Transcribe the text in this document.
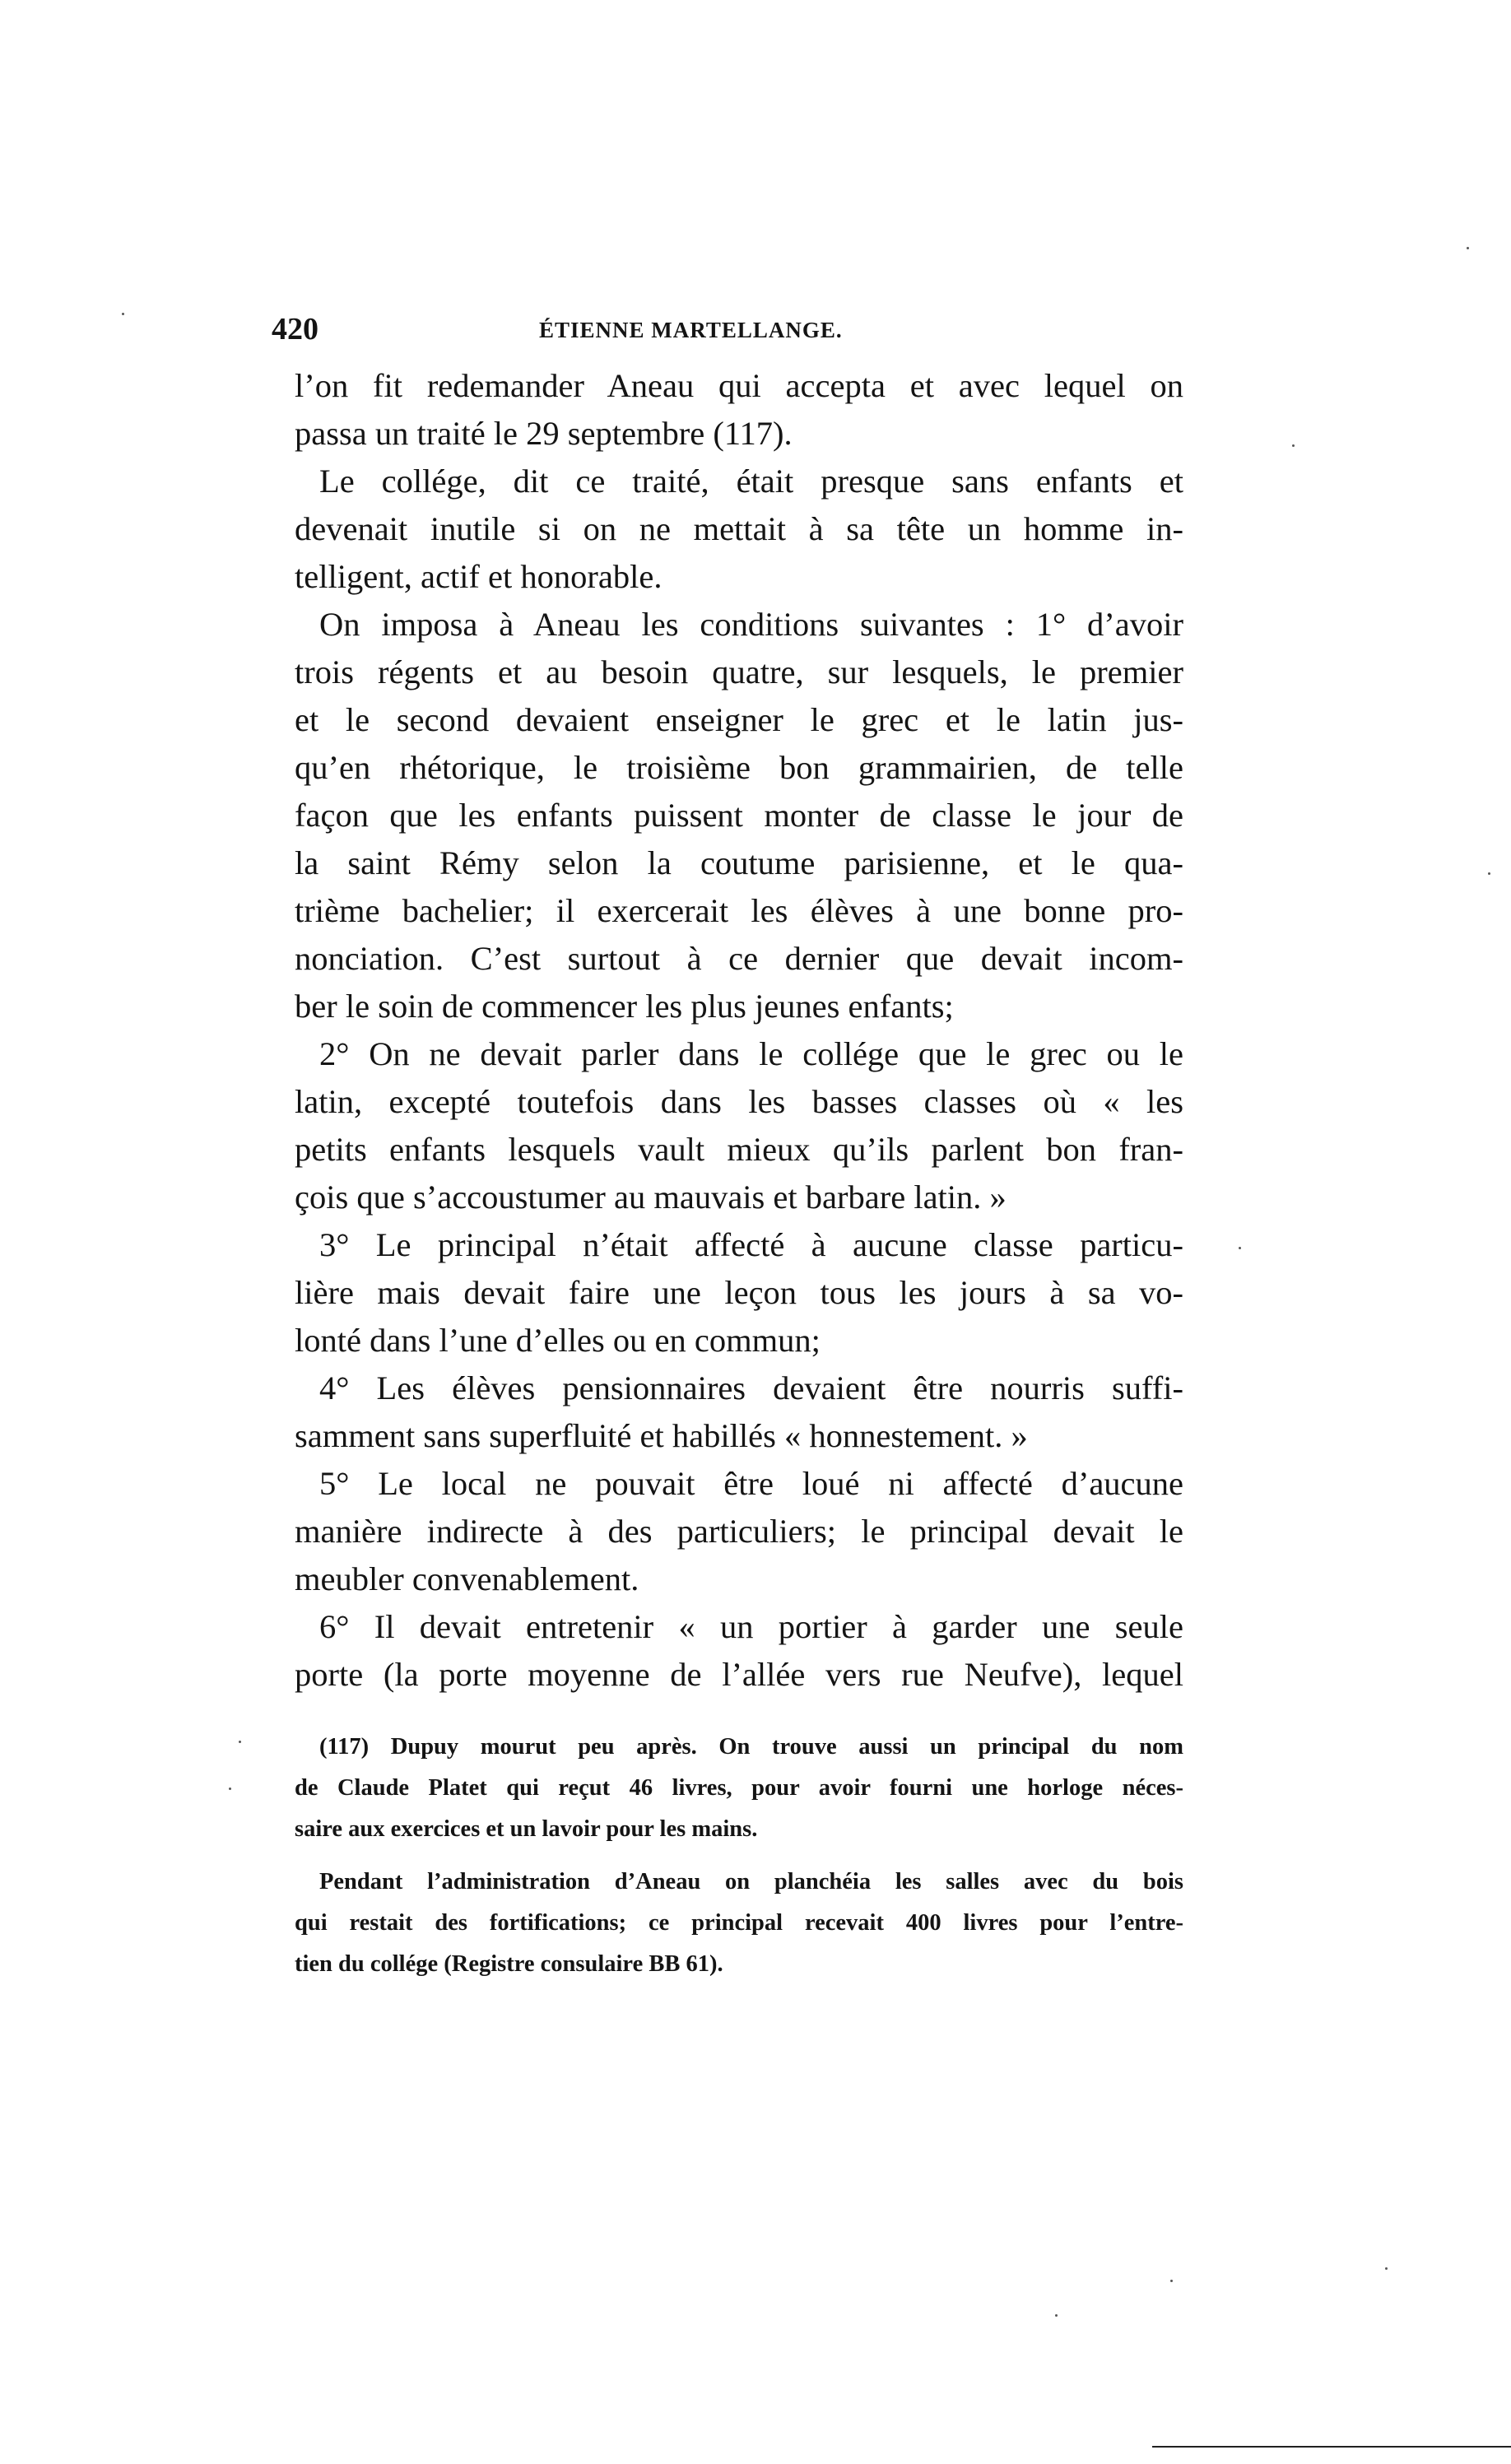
420	ÉTIENNE MARTELLANGE.
l’on fit redemander Aneau qui accepta et avec lequel on
passa un traité le 29 septembre (117).
Le collége, dit ce traité, était presque sans enfants et
devenait inutile si on ne mettait à sa tête un homme in-
telligent, actif et honorable.
On imposa à Aneau les conditions suivantes : 1° d’avoir
trois régents et au besoin quatre, sur lesquels, le premier
et le second devaient enseigner le grec et le latin jus-
qu’en rhétorique, le troisième bon grammairien, de telle
façon que les enfants puissent monter de classe le jour de
la saint Rémy selon la coutume parisienne, et le qua-
trième bachelier; il exercerait les élèves à une bonne pro-
nonciation. C’est surtout à ce dernier que devait incom-
ber le soin de commencer les plus jeunes enfants;
2° On ne devait parler dans le collége que le grec ou le
latin, excepté toutefois dans les basses classes où « les
petits enfants lesquels vault mieux qu’ils parlent bon fran-
çois que s’accoustumer au mauvais et barbare latin. »
3° Le principal n’était affecté à aucune classe particu-
lière mais devait faire une leçon tous les jours à sa vo-
lonté dans l’une d’elles ou en commun;
4° Les élèves pensionnaires devaient être nourris suffi-
samment sans superfluité et habillés « honnestement. »
5° Le local ne pouvait être loué ni affecté d’aucune
manière indirecte à des particuliers; le principal devait le
meubler convenablement.
6° Il devait entretenir « un portier à garder une seule
porte (la porte moyenne de l’allée vers rue Neufve), lequel
(117) Dupuy mourut peu après. On trouve aussi un principal du nom
de Claude Platet qui reçut 46 livres, pour avoir fourni une horloge néces-
saire aux exercices et un lavoir pour les mains.
Pendant l’administration d’Aneau on planchéia les salles avec du bois
qui restait des fortifications; ce principal recevait 400 livres pour l’entre-
tien du collége (Registre consulaire BB 61).
